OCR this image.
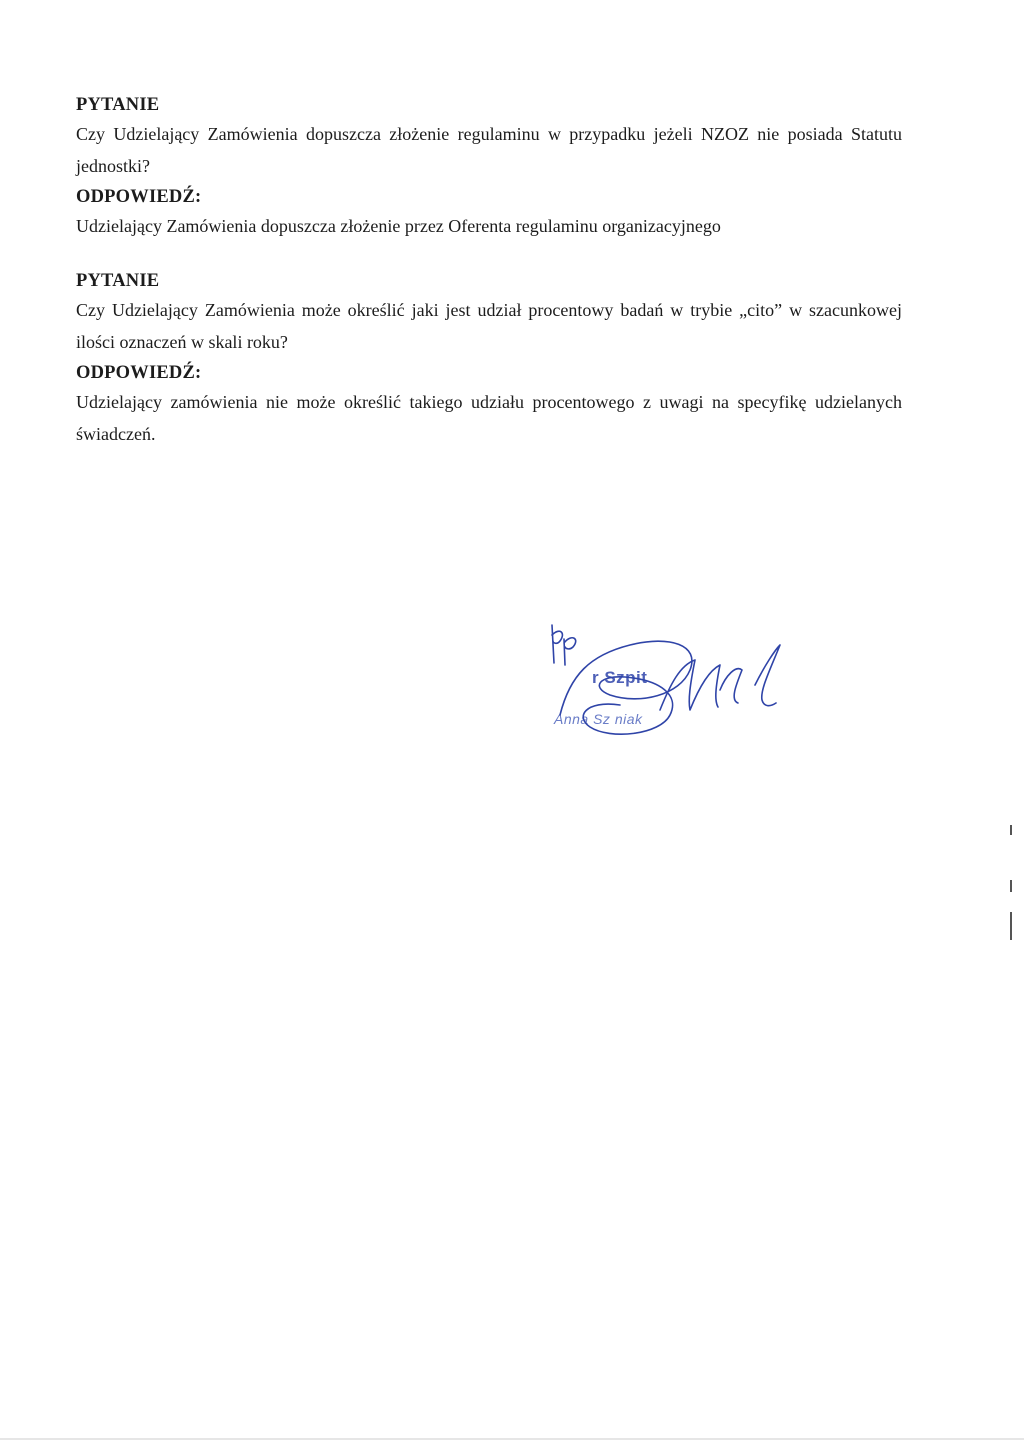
PYTANIE

Czy Udzielający Zamówienia dopuszcza złożenie regulaminu w przypadku jeżeli NZOZ nie posiada Statutu jednostki?

ODPOWIEDŹ:

Udzielający Zamówienia dopuszcza złożenie przez Oferenta regulaminu organizacyjnego

PYTANIE

Czy Udzielający Zamówienia może określić jaki jest udział procentowy badań w trybie „cito” w szacunkowej ilości oznaczeń w skali roku?

ODPOWIEDŹ:

Udzielający zamówienia nie może określić takiego udziału procentowego z uwagi na specyfikę udzielanych świadczeń.

r Szpit
Anna Sz niak
